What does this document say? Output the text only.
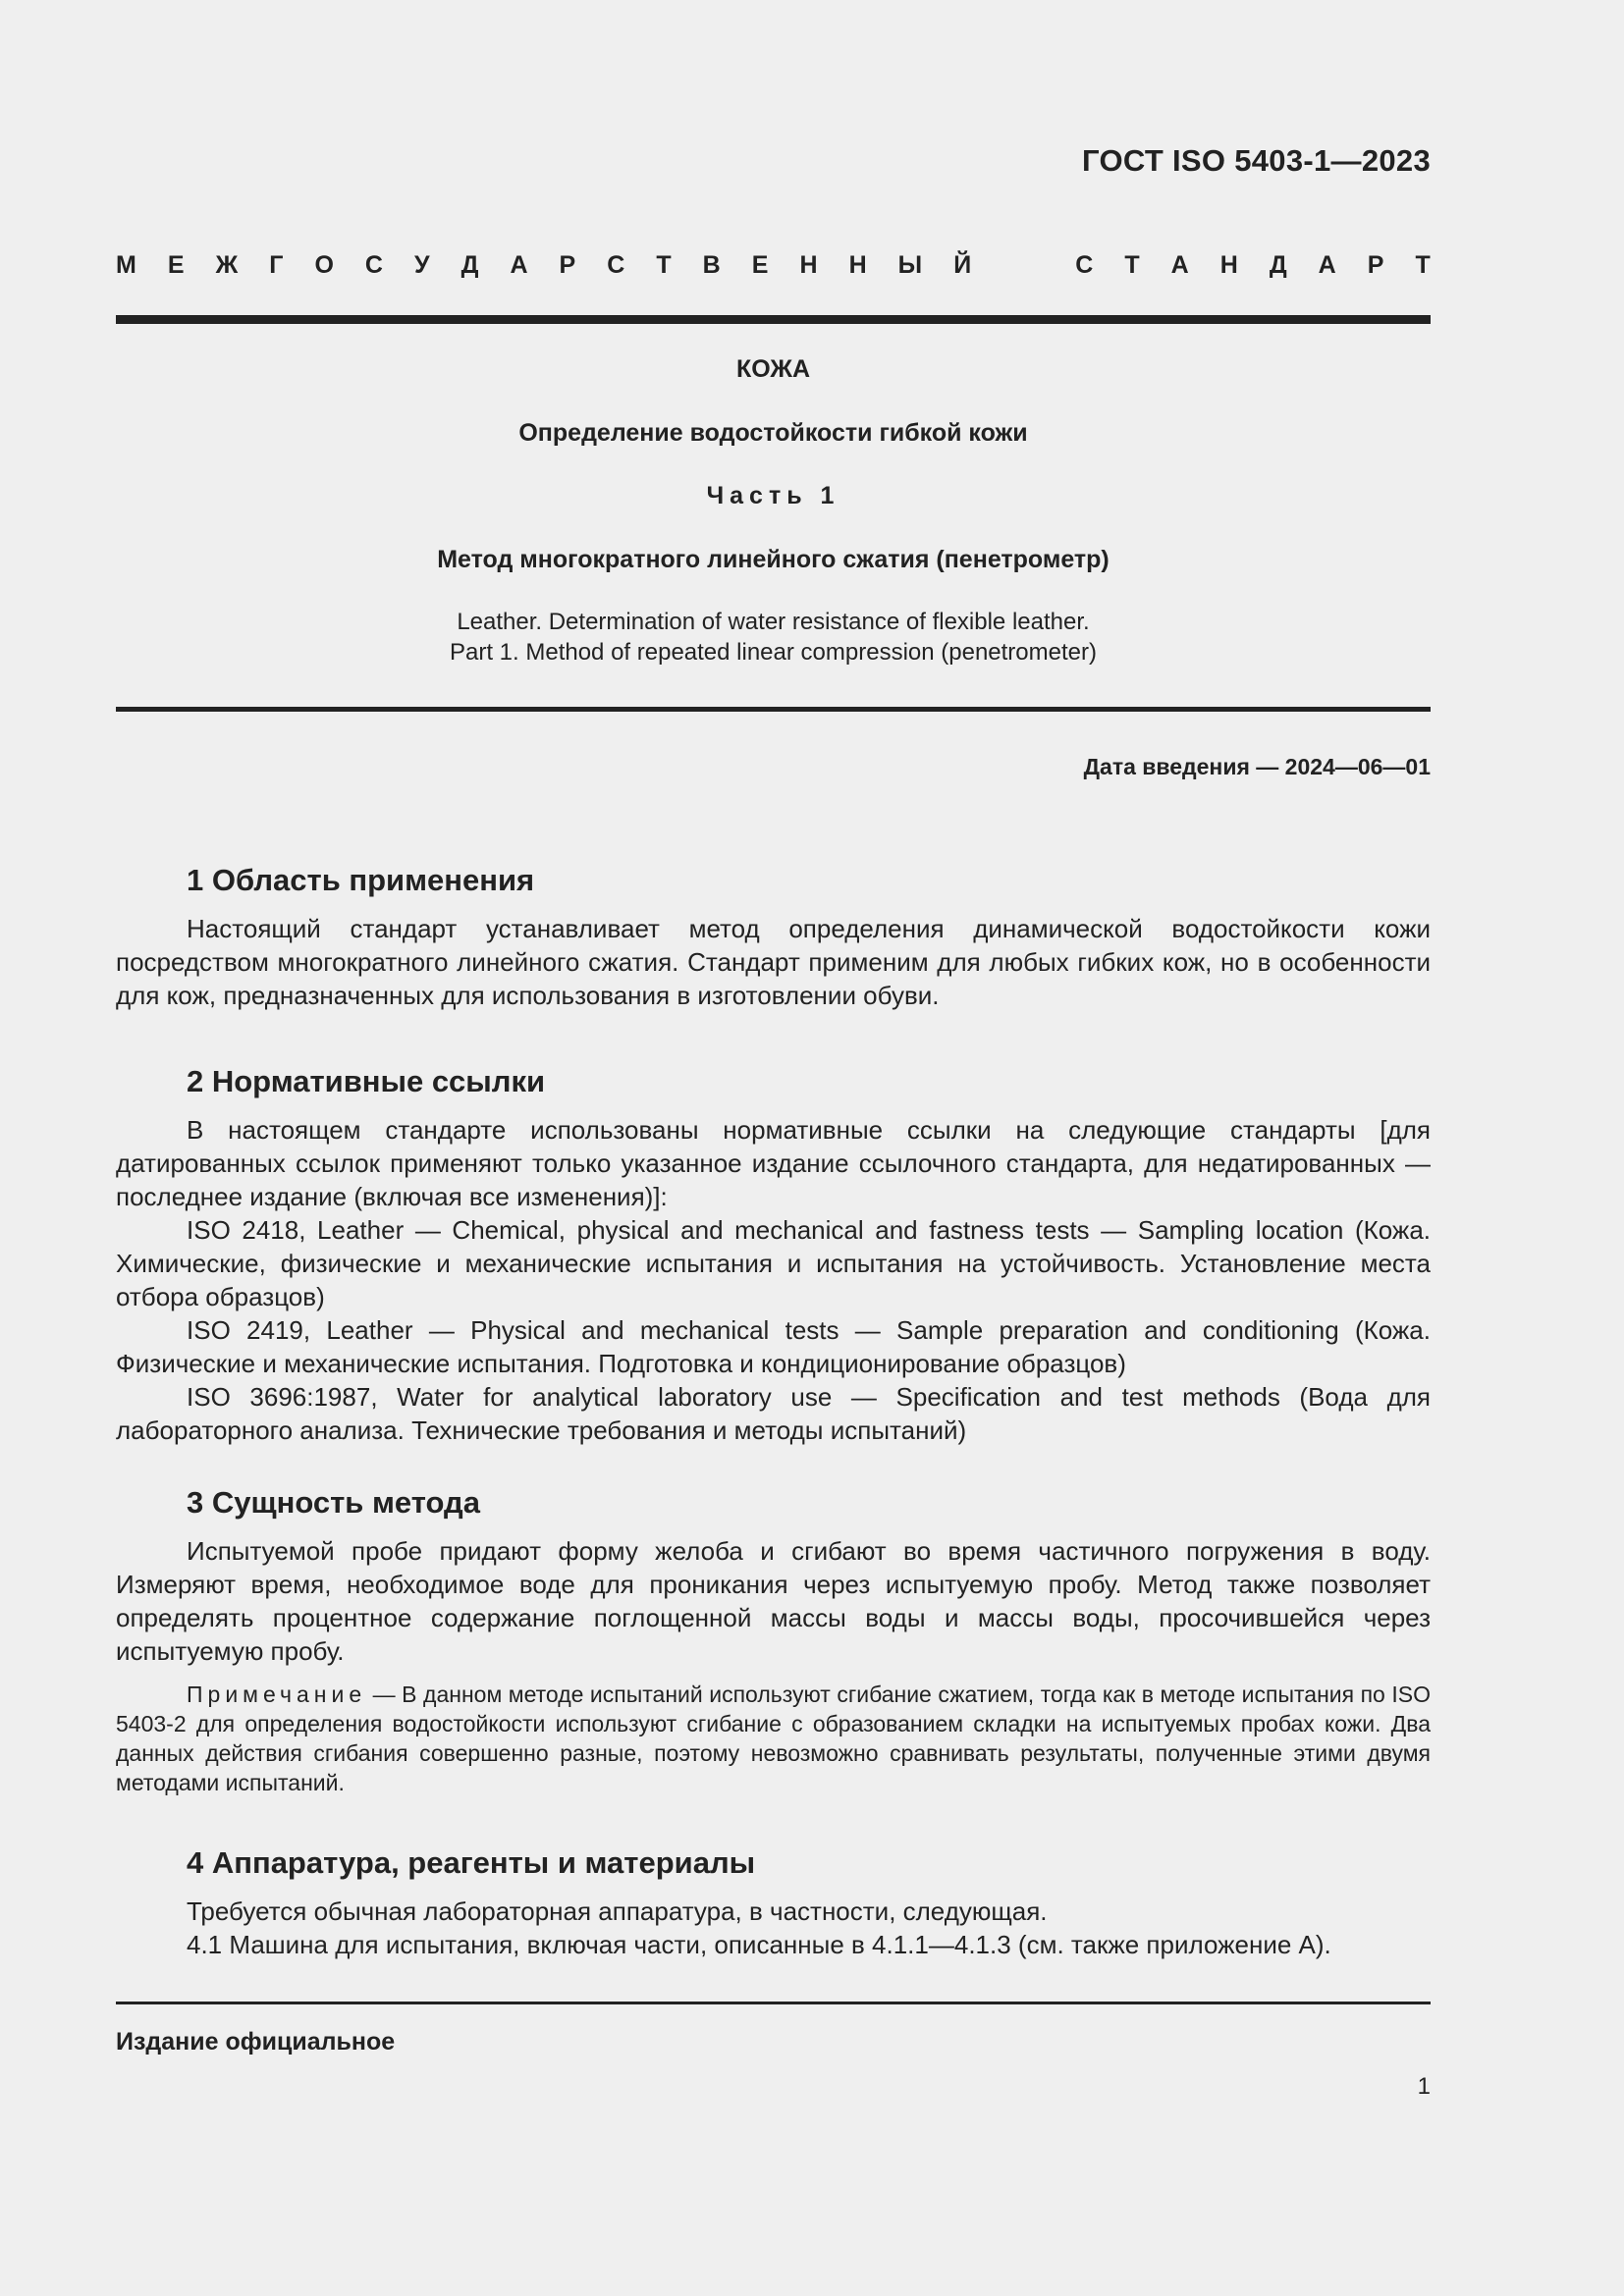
ГОСТ ISO 5403-1—2023
М Е Ж Г О С У Д А Р С Т В Е Н Н Ы Й	С Т А Н Д А Р Т
КОЖА
Определение водостойкости гибкой кожи
Часть 1
Метод многократного линейного сжатия (пенетрометр)
Leather. Determination of water resistance of flexible leather.
Part 1. Method of repeated linear compression (penetrometer)
Дата введения — 2024—06—01
1 Область применения

Настоящий стандарт устанавливает метод определения динамической водостойкости кожи посредством многократного линейного сжатия. Стандарт применим для любых гибких кож, но в особенности для кож, предназначенных для использования в изготовлении обуви.

2 Нормативные ссылки

В настоящем стандарте использованы нормативные ссылки на следующие стандарты [для датированных ссылок применяют только указанное издание ссылочного стандарта, для недатированных — последнее издание (включая все изменения)]:

ISO 2418, Leather — Chemical, physical and mechanical and fastness tests — Sampling location (Кожа. Химические, физические и механические испытания и испытания на устойчивость. Установление места отбора образцов)

ISO 2419, Leather — Physical and mechanical tests — Sample preparation and conditioning (Кожа. Физические и механические испытания. Подготовка и кондиционирование образцов)

ISO 3696:1987, Water for analytical laboratory use — Specification and test methods (Вода для лабораторного анализа. Технические требования и методы испытаний)

3 Сущность метода

Испытуемой пробе придают форму желоба и сгибают во время частичного погружения в воду. Измеряют время, необходимое воде для проникания через испытуемую пробу. Метод также позволяет определять процентное содержание поглощенной массы воды и массы воды, просочившейся через испытуемую пробу.

Примечание — В данном методе испытаний используют сгибание сжатием, тогда как в методе испытания по ISO 5403-2 для определения водостойкости используют сгибание с образованием складки на испытуемых пробах кожи. Два данных действия сгибания совершенно разные, поэтому невозможно сравнивать результаты, полученные этими двумя методами испытаний.

4 Аппаратура, реагенты и материалы

Требуется обычная лабораторная аппаратура, в частности, следующая.

4.1 Машина для испытания, включая части, описанные в 4.1.1—4.1.3 (см. также приложение А).

Издание официальное
1
